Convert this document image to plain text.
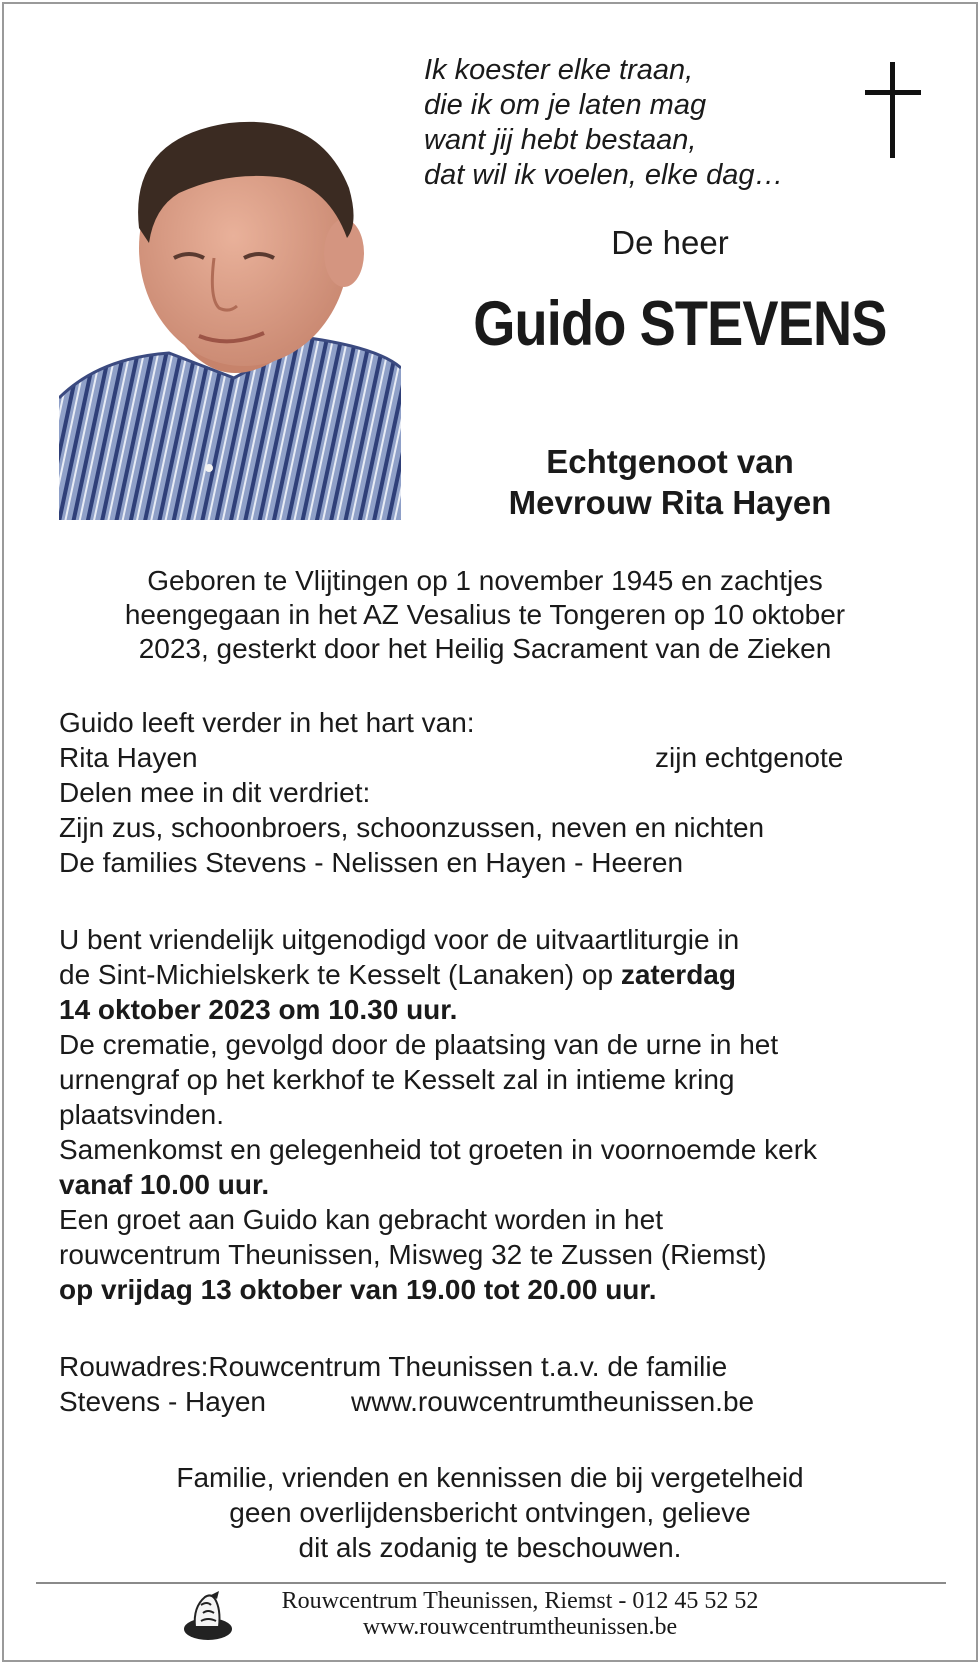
Ik koester elke traan,
die ik om je laten mag
want jij hebt bestaan,
dat wil ik voelen, elke dag…
De heer
Guido STEVENS
Echtgenoot van
Mevrouw Rita Hayen
Geboren te Vlijtingen op 1 november 1945 en zachtjes
heengegaan in het AZ Vesalius te Tongeren op 10 oktober
2023, gesterkt door het Heilig Sacrament van de Zieken
Guido leeft verder in het hart van:
Rita Hayen	zijn echtgenote
Delen mee in dit verdriet:
Zijn zus, schoonbroers, schoonzussen, neven en nichten
De families Stevens - Nelissen en Hayen - Heeren
U bent vriendelijk uitgenodigd voor de uitvaartliturgie in
de Sint-Michielskerk te Kesselt (Lanaken) op zaterdag
14 oktober 2023 om 10.30 uur.
De crematie, gevolgd door de plaatsing van de urne in het
urnengraf op het kerkhof te Kesselt zal in intieme kring
plaatsvinden.
Samenkomst en gelegenheid tot groeten in voornoemde kerk
vanaf 10.00 uur.
Een groet aan Guido kan gebracht worden in het
rouwcentrum Theunissen, Misweg 32 te Zussen (Riemst)
op vrijdag 13 oktober van 19.00 tot 20.00 uur.
Rouwadres:Rouwcentrum Theunissen t.a.v. de familie
Stevens - Hayen	www.rouwcentrumtheunissen.be
Familie, vrienden en kennissen die bij vergetelheid
geen overlijdensbericht ontvingen, gelieve
dit als zodanig te beschouwen.
Rouwcentrum Theunissen, Riemst - 012 45 52 52
www.rouwcentrumtheunissen.be
